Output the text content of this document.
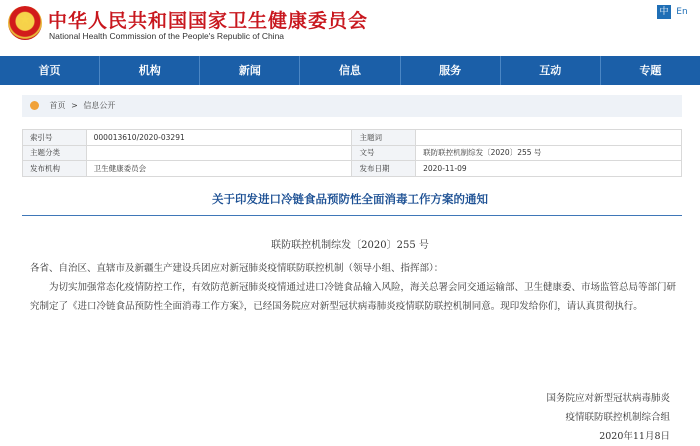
★ 中华人民共和国国家卫生健康委员会
National Health Commission of the People's Republic of China
中 En
首页	机构	新闻	信息	服务	互动	专题
首页 > 信息公开
索引号	000013610/2020-03291	主题词	
主题分类		文号	联防联控机制综发〔2020〕255 号
发布机构	卫生健康委员会	发布日期	2020-11-09
关于印发进口冷链食品预防性全面消毒工作方案的通知
联防联控机制综发〔2020〕255 号
各省、自治区、直辖市及新疆生产建设兵团应对新冠肺炎疫情联防联控机制（领导小组、指挥部）：
为切实加强常态化疫情防控工作，有效防范新冠肺炎疫情通过进口冷链食品输入风险，海关总署会同交通运输部、卫生健康委、市场监管总局等部门研究制定了《进口冷链食品预防性全面消毒工作方案》，已经国务院应对新型冠状病毒肺炎疫情联防联控机制同意。现印发给你们，请认真贯彻执行。
国务院应对新型冠状病毒肺炎
疫情联防联控机制综合组
2020年11月8日
